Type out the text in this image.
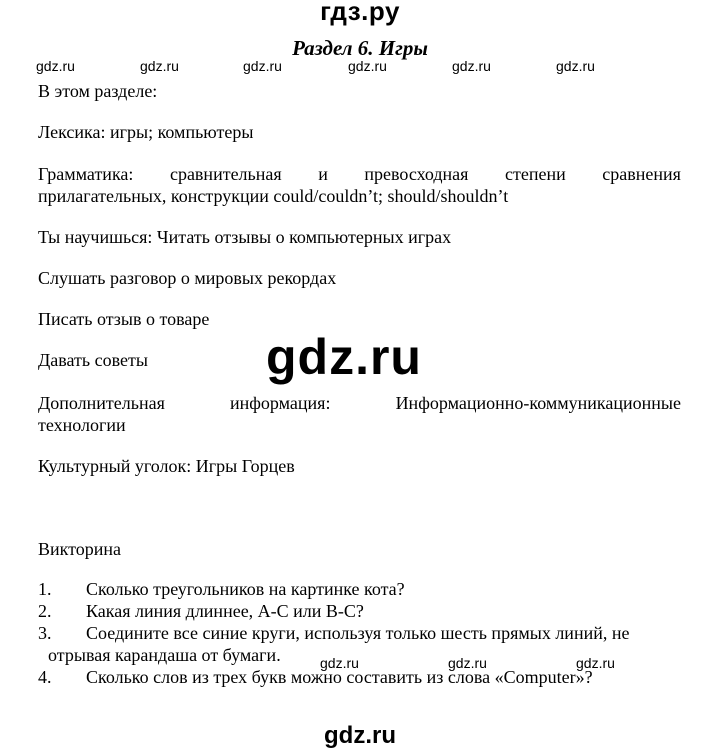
гдз.ру
Раздел 6. Игры
gdz.ru	gdz.ru	gdz.ru	gdz.ru	gdz.ru	gdz.ru
В этом разделе:
Лексика: игры; компьютеры
Грамматика: сравнительная и превосходная степени сравнения
прилагательных, конструкции could/couldn’t; should/shouldn’t
Ты научишься: Читать отзывы о компьютерных играх
Слушать разговор о мировых рекордах
Писать отзыв о товаре
Давать советы	gdz.ru
Дополнительная	информация:	Информационно-коммуникационные
технологии
Культурный уголок: Игры Горцев
Викторина
1. Сколько треугольников на картинке кота?
2. Какая линия длиннее, А-С или В-С?
3. Соедините все синие круги, используя только шесть прямых линий, не
отрывая карандаша от бумаги.
4. Сколько слов из трех букв можно составить из слова «Computer»?
gdz.ru	gdz.ru	gdz.ru
gdz.ru
